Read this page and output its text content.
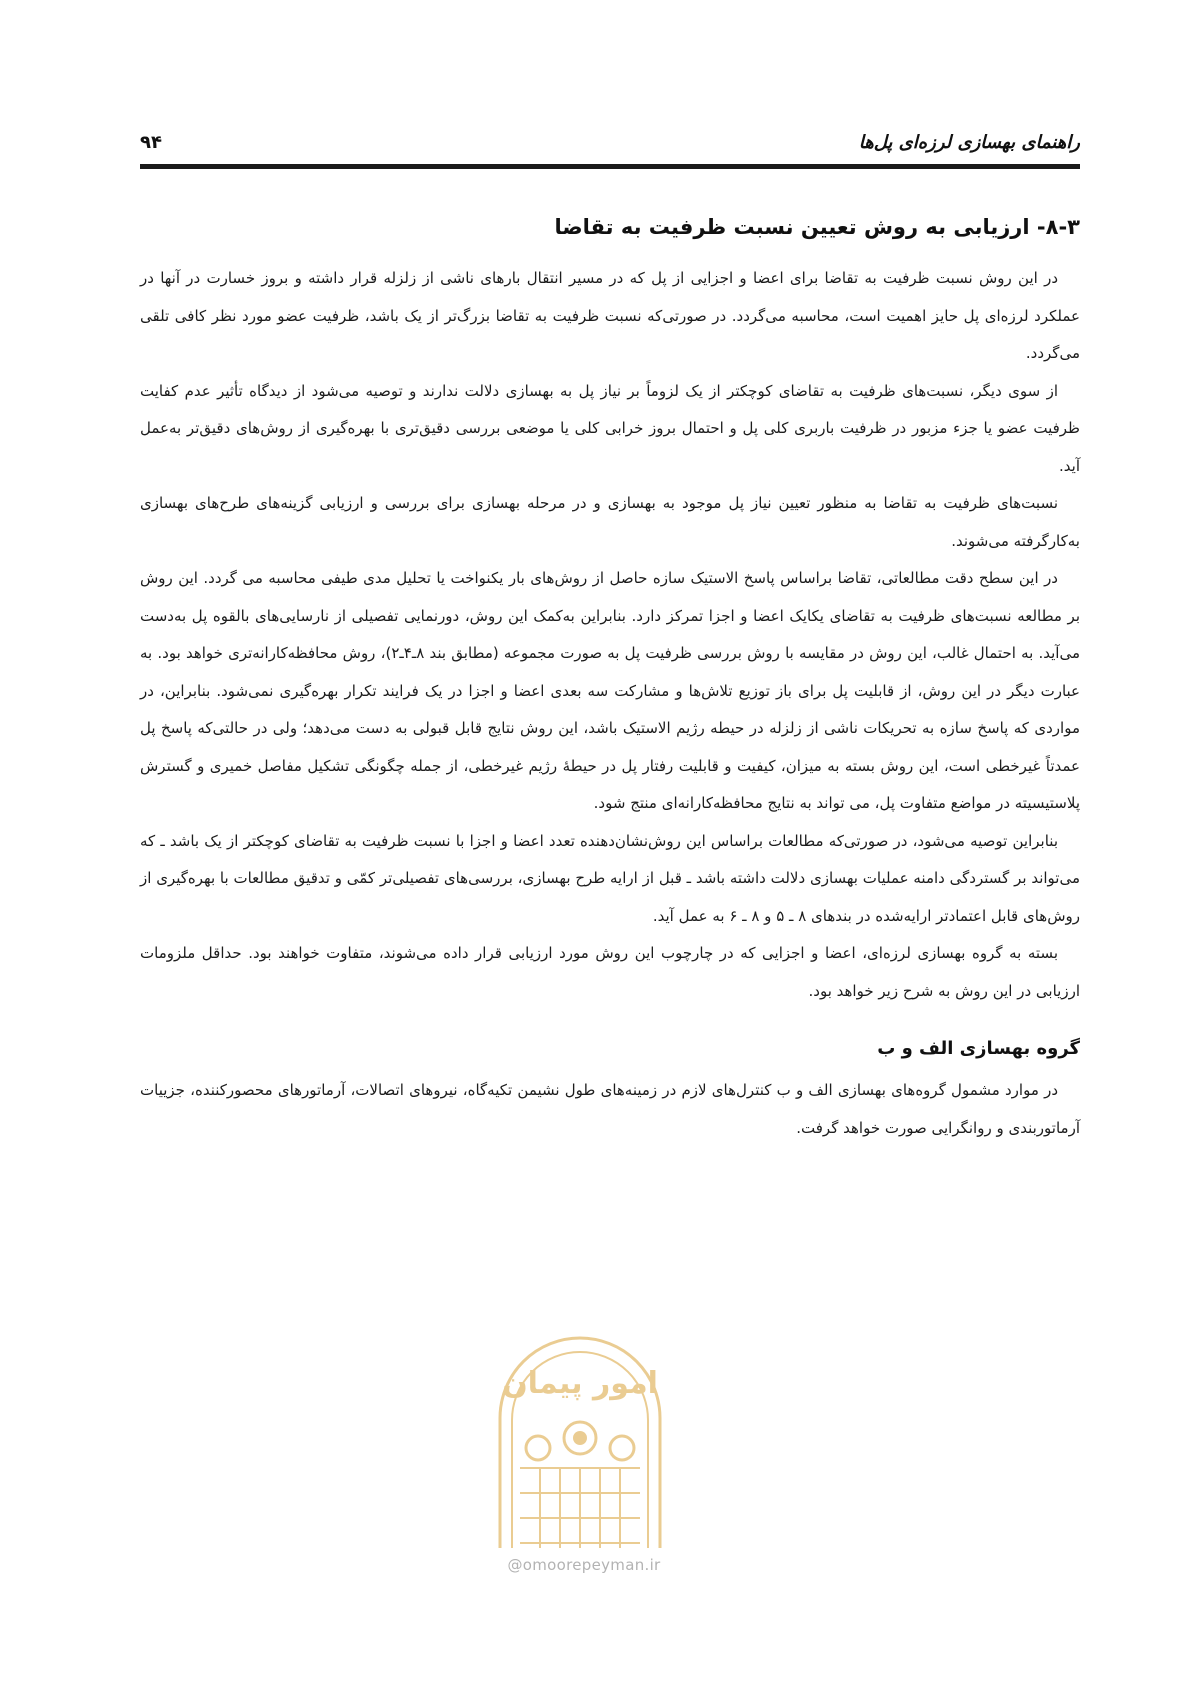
راهنمای بهسازی لرزه‌ای پل‌ها
۹۴
۸-۳- ارزیابی به روش تعیین نسبت ظرفیت به تقاضا

در این روش نسبت ظرفیت به تقاضا برای اعضا و اجزایی از پل که در مسیر انتقال بارهای ناشی از زلزله قرار داشته و بروز خسارت در آنها در عملکرد لرزه‌ای پل حایز اهمیت است، محاسبه می‌گردد. در صورتی‌که نسبت ظرفیت به تقاضا بزرگ‌تر از یک باشد، ظرفیت عضو مورد نظر کافی تلقی می‌گردد.

از سوی دیگر، نسبت‌های ظرفیت به تقاضای کوچکتر از یک لزوماً بر نیاز پل به بهسازی دلالت ندارند و توصیه می‌شود از دیدگاه تأثیر عدم کفایت ظرفیت عضو یا جزء مزبور در ظرفیت باربری کلی پل و احتمال بروز خرابی کلی یا موضعی بررسی دقیق‌تری با بهره‌گیری از روش‌های دقیق‌تر به‌عمل آید.

نسبت‌های ظرفیت به تقاضا به منظور تعیین نیاز پل موجود به بهسازی و در مرحله بهسازی برای بررسی و ارزیابی گزینه‌های طرح‌های بهسازی به‌کارگرفته می‌شوند.

در این سطح دقت مطالعاتی، تقاضا براساس پاسخ الاستیک سازه حاصل از روش‌های بار یکنواخت یا تحلیل مدی طیفی محاسبه می گردد. این روش بر مطالعه نسبت‌های ظرفیت به تقاضای یکایک اعضا و اجزا تمرکز دارد. بنابراین به‌کمک این روش، دورنمایی تفصیلی از نارسایی‌های بالقوه پل به‌دست می‌آید. به احتمال غالب، این روش در مقایسه با روش بررسی ظرفیت پل به صورت مجموعه (مطابق بند ۸ـ۴ـ۲)، روش محافظه‌کارانه‌تری خواهد بود. به عبارت دیگر در این روش، از قابلیت پل برای باز توزیع تلاش‌ها و مشارکت سه بعدی اعضا و اجزا در یک فرایند تکرار بهره‌گیری نمی‌شود. بنابراین، در مواردی که پاسخ سازه به تحریکات ناشی از زلزله در حیطه رژیم الاستیک باشد، این روش نتایج قابل قبولی به دست می‌دهد؛ ولی در حالتی‌که پاسخ پل عمدتاً غیرخطی است، این روش بسته به میزان، کیفیت و قابلیت رفتار پل در حیطهٔ رژیم غیرخطی، از جمله چگونگی تشکیل مفاصل خمیری و گسترش پلاستیسیته در مواضع متفاوت پل، می تواند به نتایج محافظه‌کارانه‌ای منتج شود.

بنابراین توصیه می‌شود، در صورتی‌که مطالعات براساس این روش‌نشان‌دهنده تعدد اعضا و اجزا با نسبت ظرفیت به تقاضای کوچکتر از یک باشد ـ که می‌تواند بر گستردگی دامنه عملیات بهسازی دلالت داشته باشد ـ قبل از ارایه طرح بهسازی، بررسی‌های تفصیلی‌تر کمّی و تدقیق مطالعات با بهره‌گیری از روش‌های قابل اعتمادتر ارایه‌شده در بندهای ۸ ـ ۵ و ۸ ـ ۶ به عمل آید.

بسته به گروه بهسازی لرزه‌ای، اعضا و اجزایی که در چارچوب این روش مورد ارزیابی قرار داده می‌شوند، متفاوت خواهند بود. حداقل ملزومات ارزیابی در این روش به شرح زیر خواهد بود.

گروه بهسازی الف و ب

در موارد مشمول گروه‌های بهسازی الف و ب کنترل‌های لازم در زمینه‌های طول نشیمن تکیه‌گاه، نیروهای اتصالات، آرماتورهای محصورکننده، جزییات آرماتوربندی و روانگرایی صورت خواهد گرفت.

امور پیمان
@omoorepeyman.ir
